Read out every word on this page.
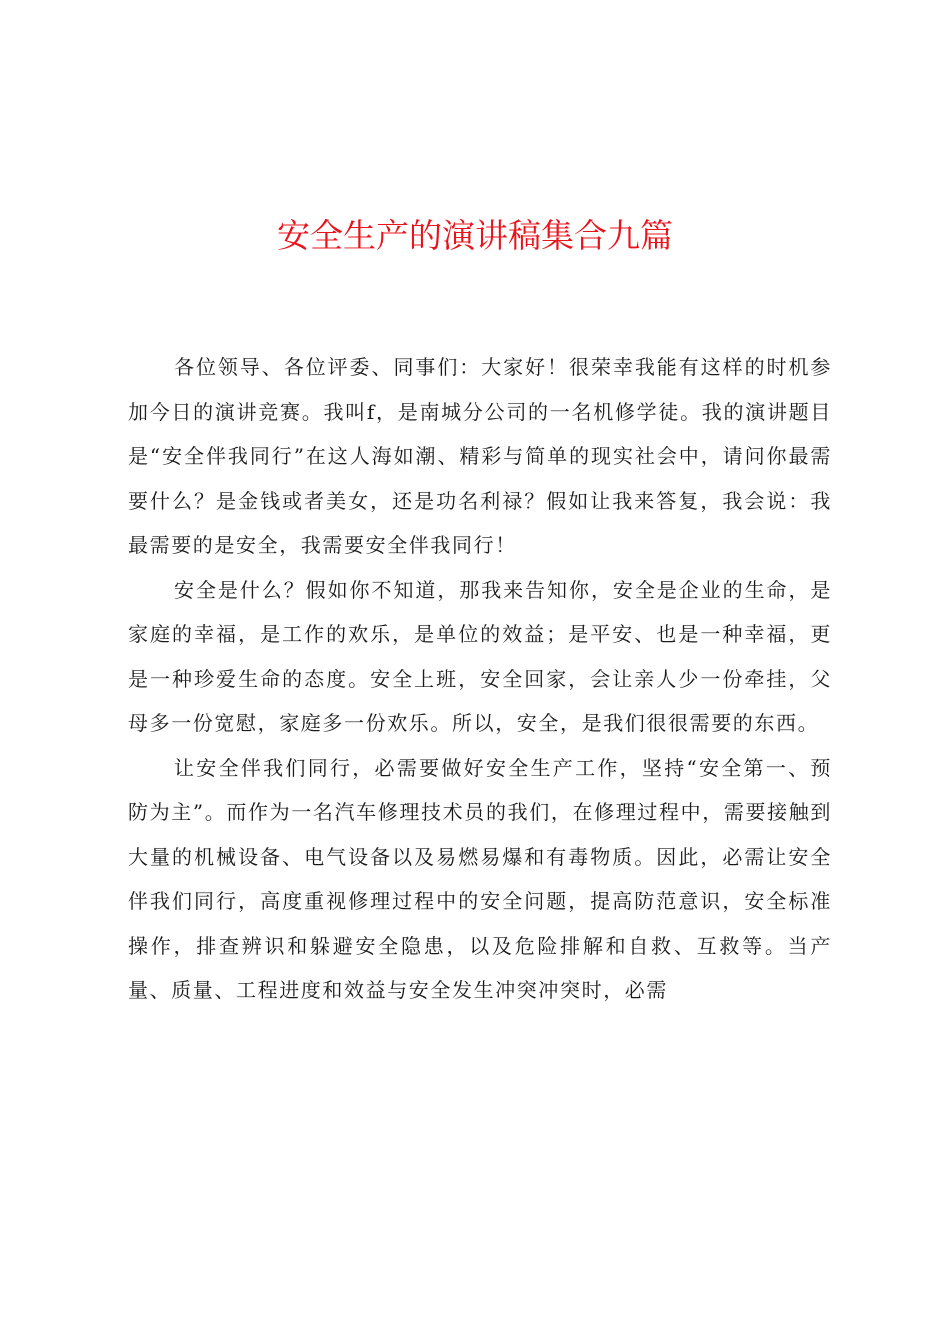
安全生产的演讲稿集合九篇

各位领导、各位评委、同事们：大家好！很荣幸我能有这样的时机参加今日的演讲竞赛。我叫f，是南城分公司的一名机修学徒。我的演讲题目是“安全伴我同行”在这人海如潮、精彩与简单的现实社会中，请问你最需要什么？是金钱或者美女，还是功名利禄？假如让我来答复，我会说：我最需要的是安全，我需要安全伴我同行！

安全是什么？假如你不知道，那我来告知你，安全是企业的生命，是家庭的幸福，是工作的欢乐，是单位的效益；是平安、也是一种幸福，更是一种珍爱生命的态度。安全上班，安全回家，会让亲人少一份牵挂，父母多一份宽慰，家庭多一份欢乐。所以，安全，是我们很很需要的东西。

让安全伴我们同行，必需要做好安全生产工作，坚持“安全第一、预防为主”。而作为一名汽车修理技术员的我们，在修理过程中，需要接触到大量的机械设备、电气设备以及易燃易爆和有毒物质。因此，必需让安全伴我们同行，高度重视修理过程中的安全问题，提高防范意识，安全标准操作，排查辨识和躲避安全隐患，以及危险排解和自救、互救等。当产量、质量、工程进度和效益与安全发生冲突冲突时，必需
